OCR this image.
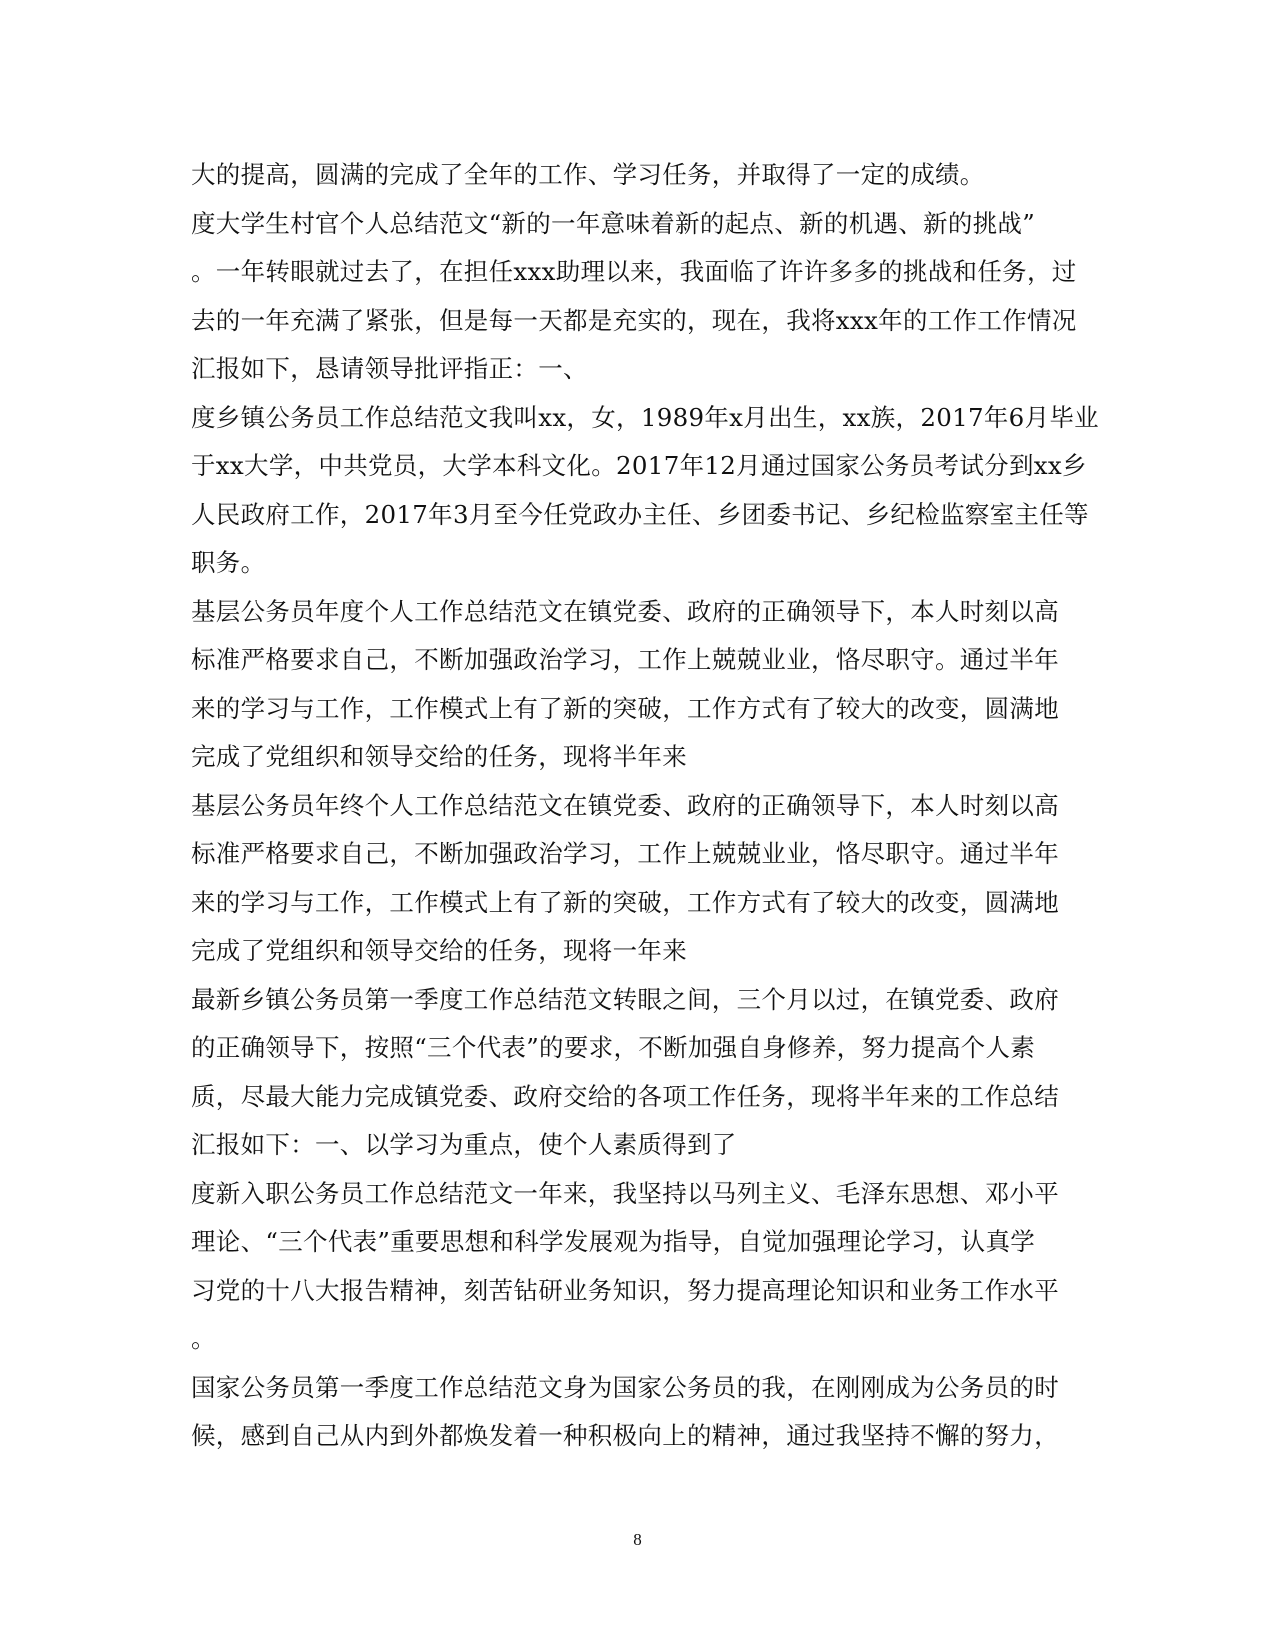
大的提高，圆满的完成了全年的工作、学习任务，并取得了一定的成绩。
度大学生村官个人总结范文“新的一年意味着新的起点、新的机遇、新的挑战”
。一年转眼就过去了，在担任xxx助理以来，我面临了许许多多的挑战和任务，过
去的一年充满了紧张，但是每一天都是充实的，现在，我将xxx年的工作工作情况
汇报如下，恳请领导批评指正：一、
度乡镇公务员工作总结范文我叫xx，女，1989年x月出生，xx族，2017年6月毕业
于xx大学，中共党员，大学本科文化。2017年12月通过国家公务员考试分到xx乡
人民政府工作，2017年3月至今任党政办主任、乡团委书记、乡纪检监察室主任等
职务。
基层公务员年度个人工作总结范文在镇党委、政府的正确领导下，本人时刻以高
标准严格要求自己，不断加强政治学习，工作上兢兢业业，恪尽职守。通过半年
来的学习与工作，工作模式上有了新的突破，工作方式有了较大的改变，圆满地
完成了党组织和领导交给的任务，现将半年来
基层公务员年终个人工作总结范文在镇党委、政府的正确领导下，本人时刻以高
标准严格要求自己，不断加强政治学习，工作上兢兢业业，恪尽职守。通过半年
来的学习与工作，工作模式上有了新的突破，工作方式有了较大的改变，圆满地
完成了党组织和领导交给的任务，现将一年来
最新乡镇公务员第一季度工作总结范文转眼之间，三个月以过，在镇党委、政府
的正确领导下，按照“三个代表”的要求，不断加强自身修养，努力提高个人素
质，尽最大能力完成镇党委、政府交给的各项工作任务，现将半年来的工作总结
汇报如下：一、以学习为重点，使个人素质得到了
度新入职公务员工作总结范文一年来，我坚持以马列主义、毛泽东思想、邓小平
理论、“三个代表”重要思想和科学发展观为指导，自觉加强理论学习，认真学
习党的十八大报告精神，刻苦钻研业务知识，努力提高理论知识和业务工作水平
。
国家公务员第一季度工作总结范文身为国家公务员的我，在刚刚成为公务员的时
候，感到自己从内到外都焕发着一种积极向上的精神，通过我坚持不懈的努力，
8
